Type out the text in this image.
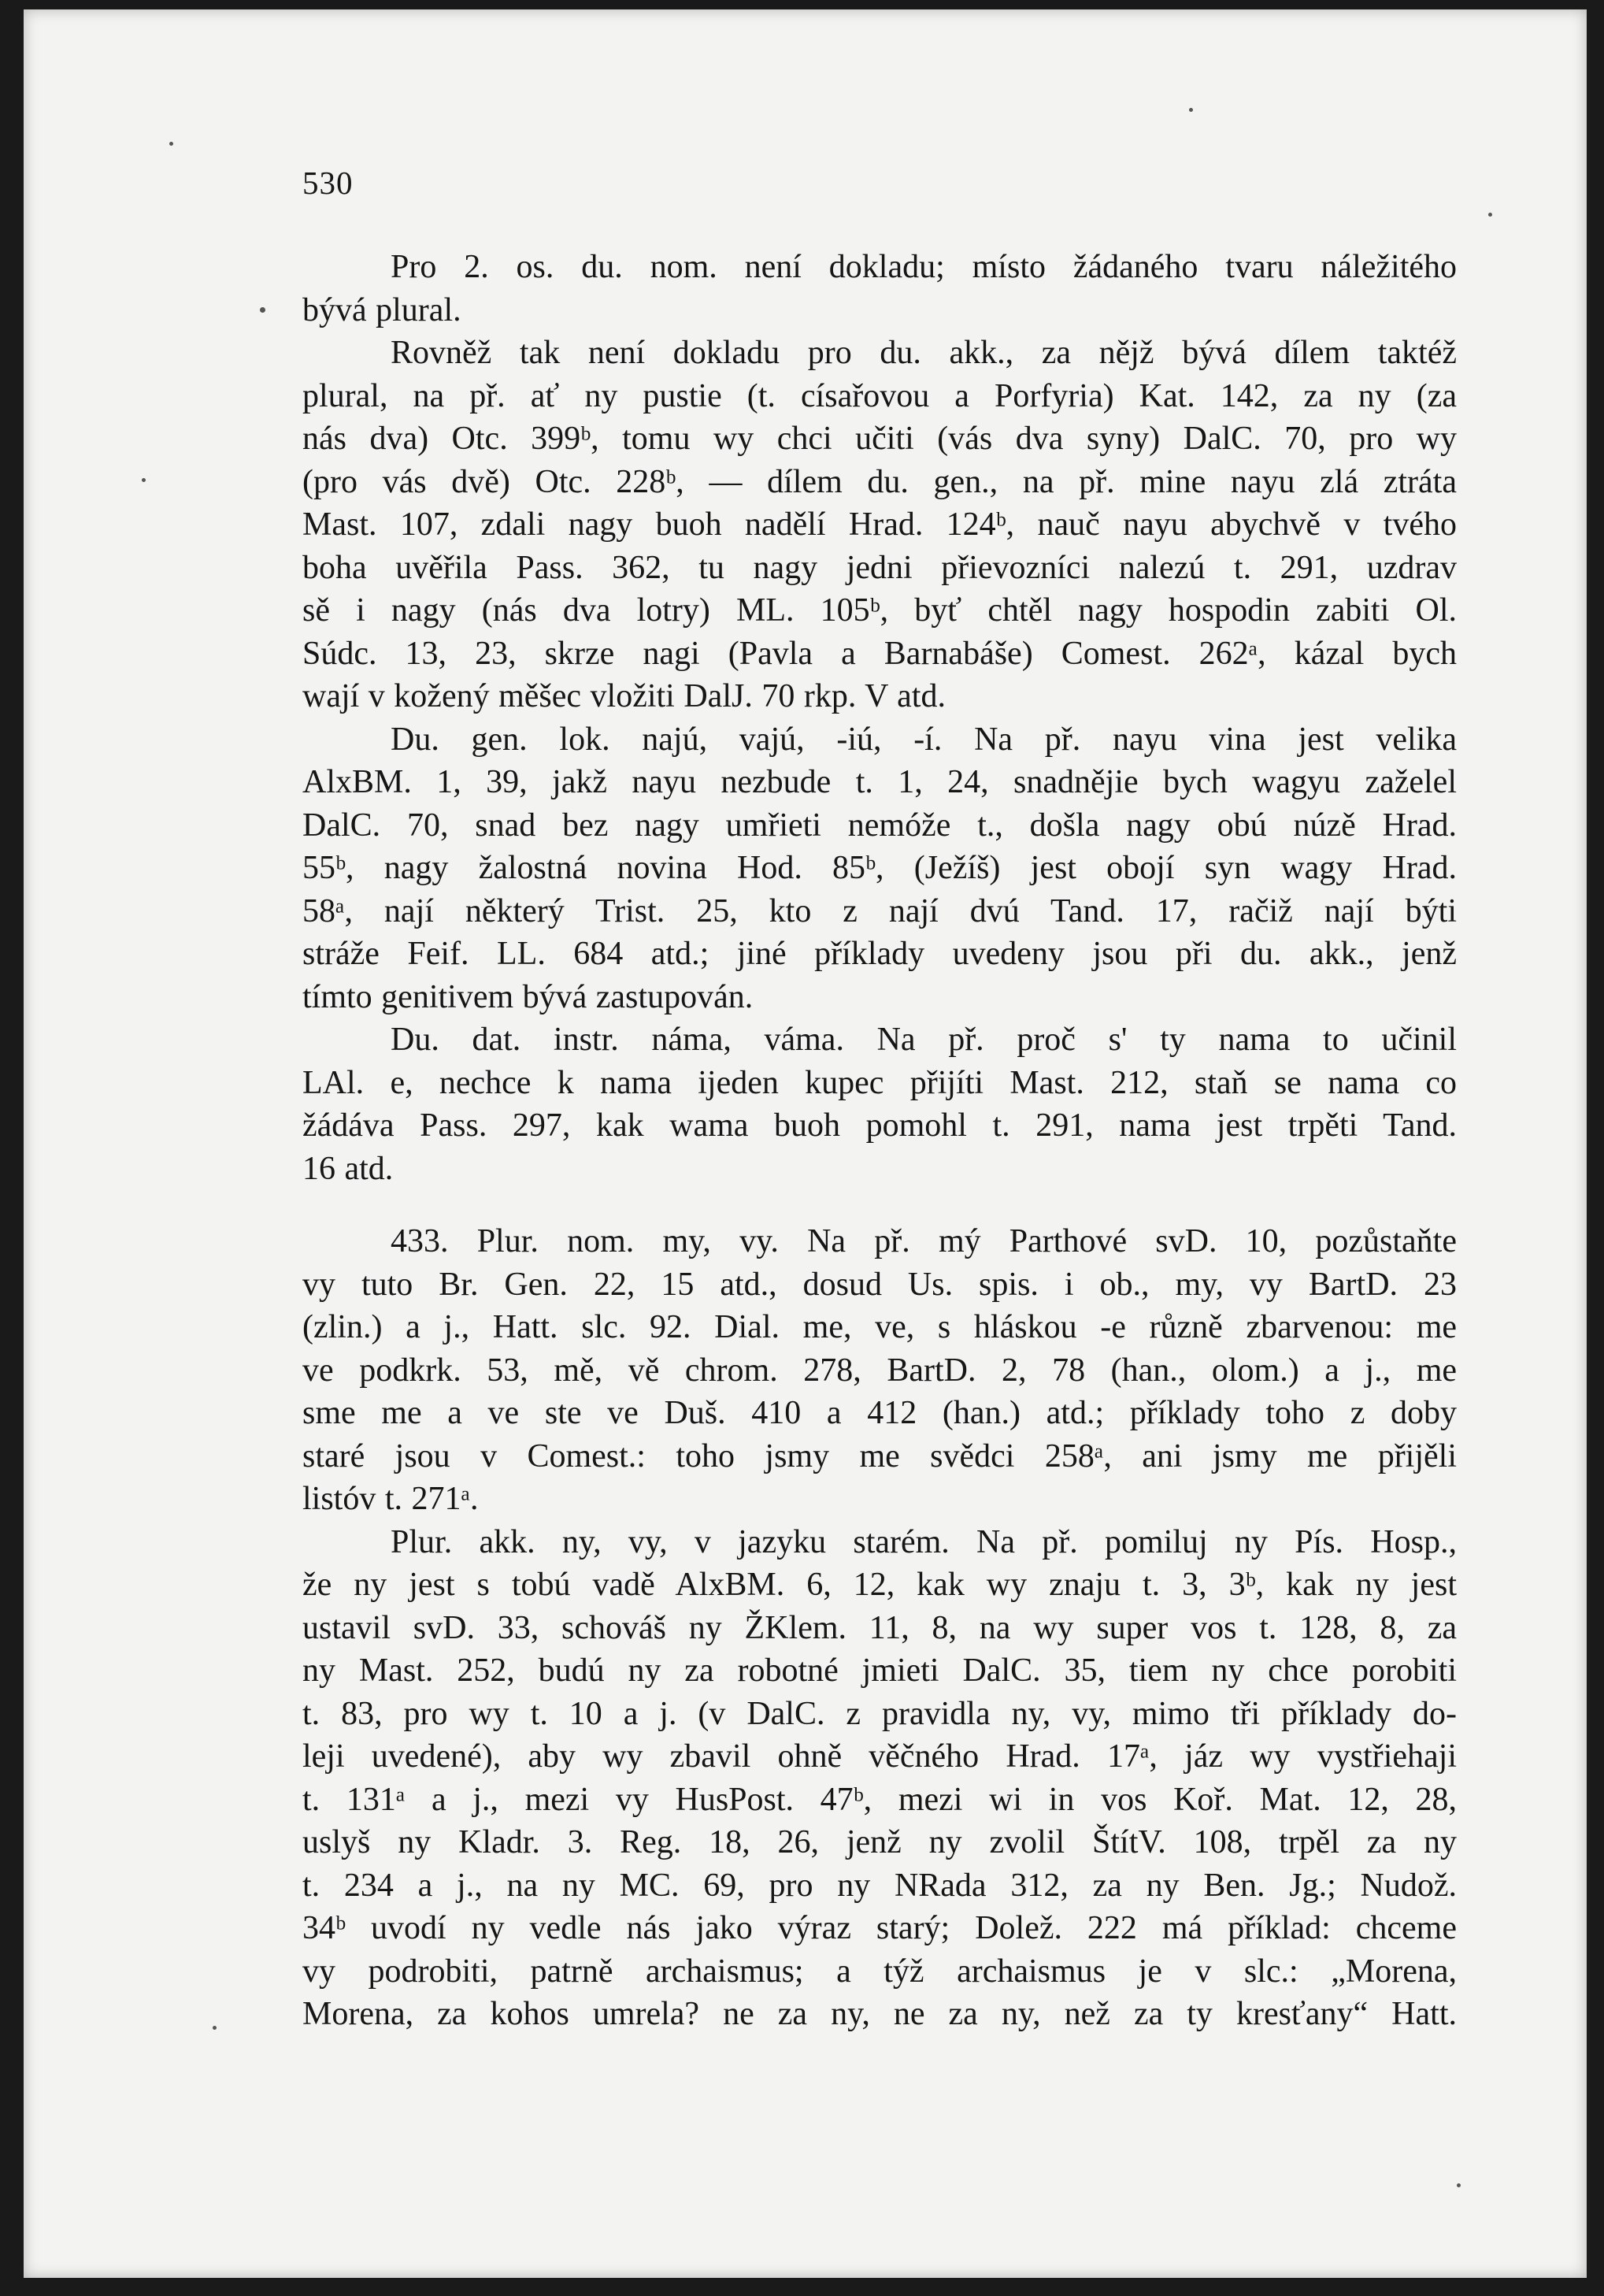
530

Pro 2. os. du. nom. není dokladu; místo žádaného tvaru náležitého
bývá plural.

Rovněž tak není dokladu pro du. akk., za nějž bývá dílem taktéž
plural, na př. ať ny pustie (t. císařovou a Porfyria) Kat. 142, za ny (za
nás dva) Otc. 399ᵇ, tomu wy chci učiti (vás dva syny) DalC. 70, pro wy
(pro vás dvě) Otc. 228ᵇ, — dílem du. gen., na př. mine nayu zlá ztráta
Mast. 107, zdali nagy buoh nadělí Hrad. 124ᵇ, nauč nayu abychvě v tvého
boha uvěřila Pass. 362, tu nagy jedni přievozníci nalezú t. 291, uzdrav
sě i nagy (nás dva lotry) ML. 105ᵇ, byť chtěl nagy hospodin zabiti Ol.
Súdc. 13, 23, skrze nagi (Pavla a Barnabáše) Comest. 262ᵃ, kázal bych
wají v kožený měšec vložiti DalJ. 70 rkp. V atd.

Du. gen. lok. najú, vajú, -iú, -í. Na př. nayu vina jest velika
AlxBM. 1, 39, jakž nayu nezbude t. 1, 24, snadnějie bych wagyu zaželel
DalC. 70, snad bez nagy umřieti nemóže t., došla nagy obú núzě Hrad.
55ᵇ, nagy žalostná novina Hod. 85ᵇ, (Ježíš) jest obojí syn wagy Hrad.
58ᵃ, nají některý Trist. 25, kto z nají dvú Tand. 17, račiž nají býti
stráže Feif. LL. 684 atd.; jiné příklady uvedeny jsou při du. akk., jenž
tímto genitivem bývá zastupován.

Du. dat. instr. náma, váma. Na př. proč s' ty nama to učinil
LAl. e, nechce k nama ijeden kupec přijíti Mast. 212, staň se nama co
žádáva Pass. 297, kak wama buoh pomohl t. 291, nama jest trpěti Tand.
16 atd.

433. Plur. nom. my, vy. Na př. mý Parthové svD. 10, pozůstaňte
vy tuto Br. Gen. 22, 15 atd., dosud Us. spis. i ob., my, vy BartD. 23
(zlin.) a j., Hatt. slc. 92. Dial. me, ve, s hláskou -e různě zbarvenou: me
ve podkrk. 53, mě, vě chrom. 278, BartD. 2, 78 (han., olom.) a j., me
sme me a ve ste ve Duš. 410 a 412 (han.) atd.; příklady toho z doby
staré jsou v Comest.: toho jsmy me svědci 258ᵃ, ani jsmy me přijěli
listóv t. 271ᵃ.

Plur. akk. ny, vy, v jazyku starém. Na př. pomiluj ny Pís. Hosp.,
že ny jest s tobú vadě AlxBM. 6, 12, kak wy znaju t. 3, 3ᵇ, kak ny jest
ustavil svD. 33, schováš ny ŽKlem. 11, 8, na wy super vos t. 128, 8, za
ny Mast. 252, budú ny za robotné jmieti DalC. 35, tiem ny chce porobiti
t. 83, pro wy t. 10 a j. (v DalC. z pravidla ny, vy, mimo tři příklady do-
leji uvedené), aby wy zbavil ohně věčného Hrad. 17ᵃ, jáz wy vystřiehaji
t. 131ᵃ a j., mezi vy HusPost. 47ᵇ, mezi wi in vos Koř. Mat. 12, 28,
uslyš ny Kladr. 3. Reg. 18, 26, jenž ny zvolil ŠtítV. 108, trpěl za ny
t. 234 a j., na ny MC. 69, pro ny NRada 312, za ny Ben. Jg.; Nudož.
34ᵇ uvodí ny vedle nás jako výraz starý; Dolež. 222 má příklad: chceme
vy podrobiti, patrně archaismus; a týž archaismus je v slc.: „Morena,
Morena, za kohos umrela? ne za ny, ne za ny, než za ty kresťany“ Hatt.
